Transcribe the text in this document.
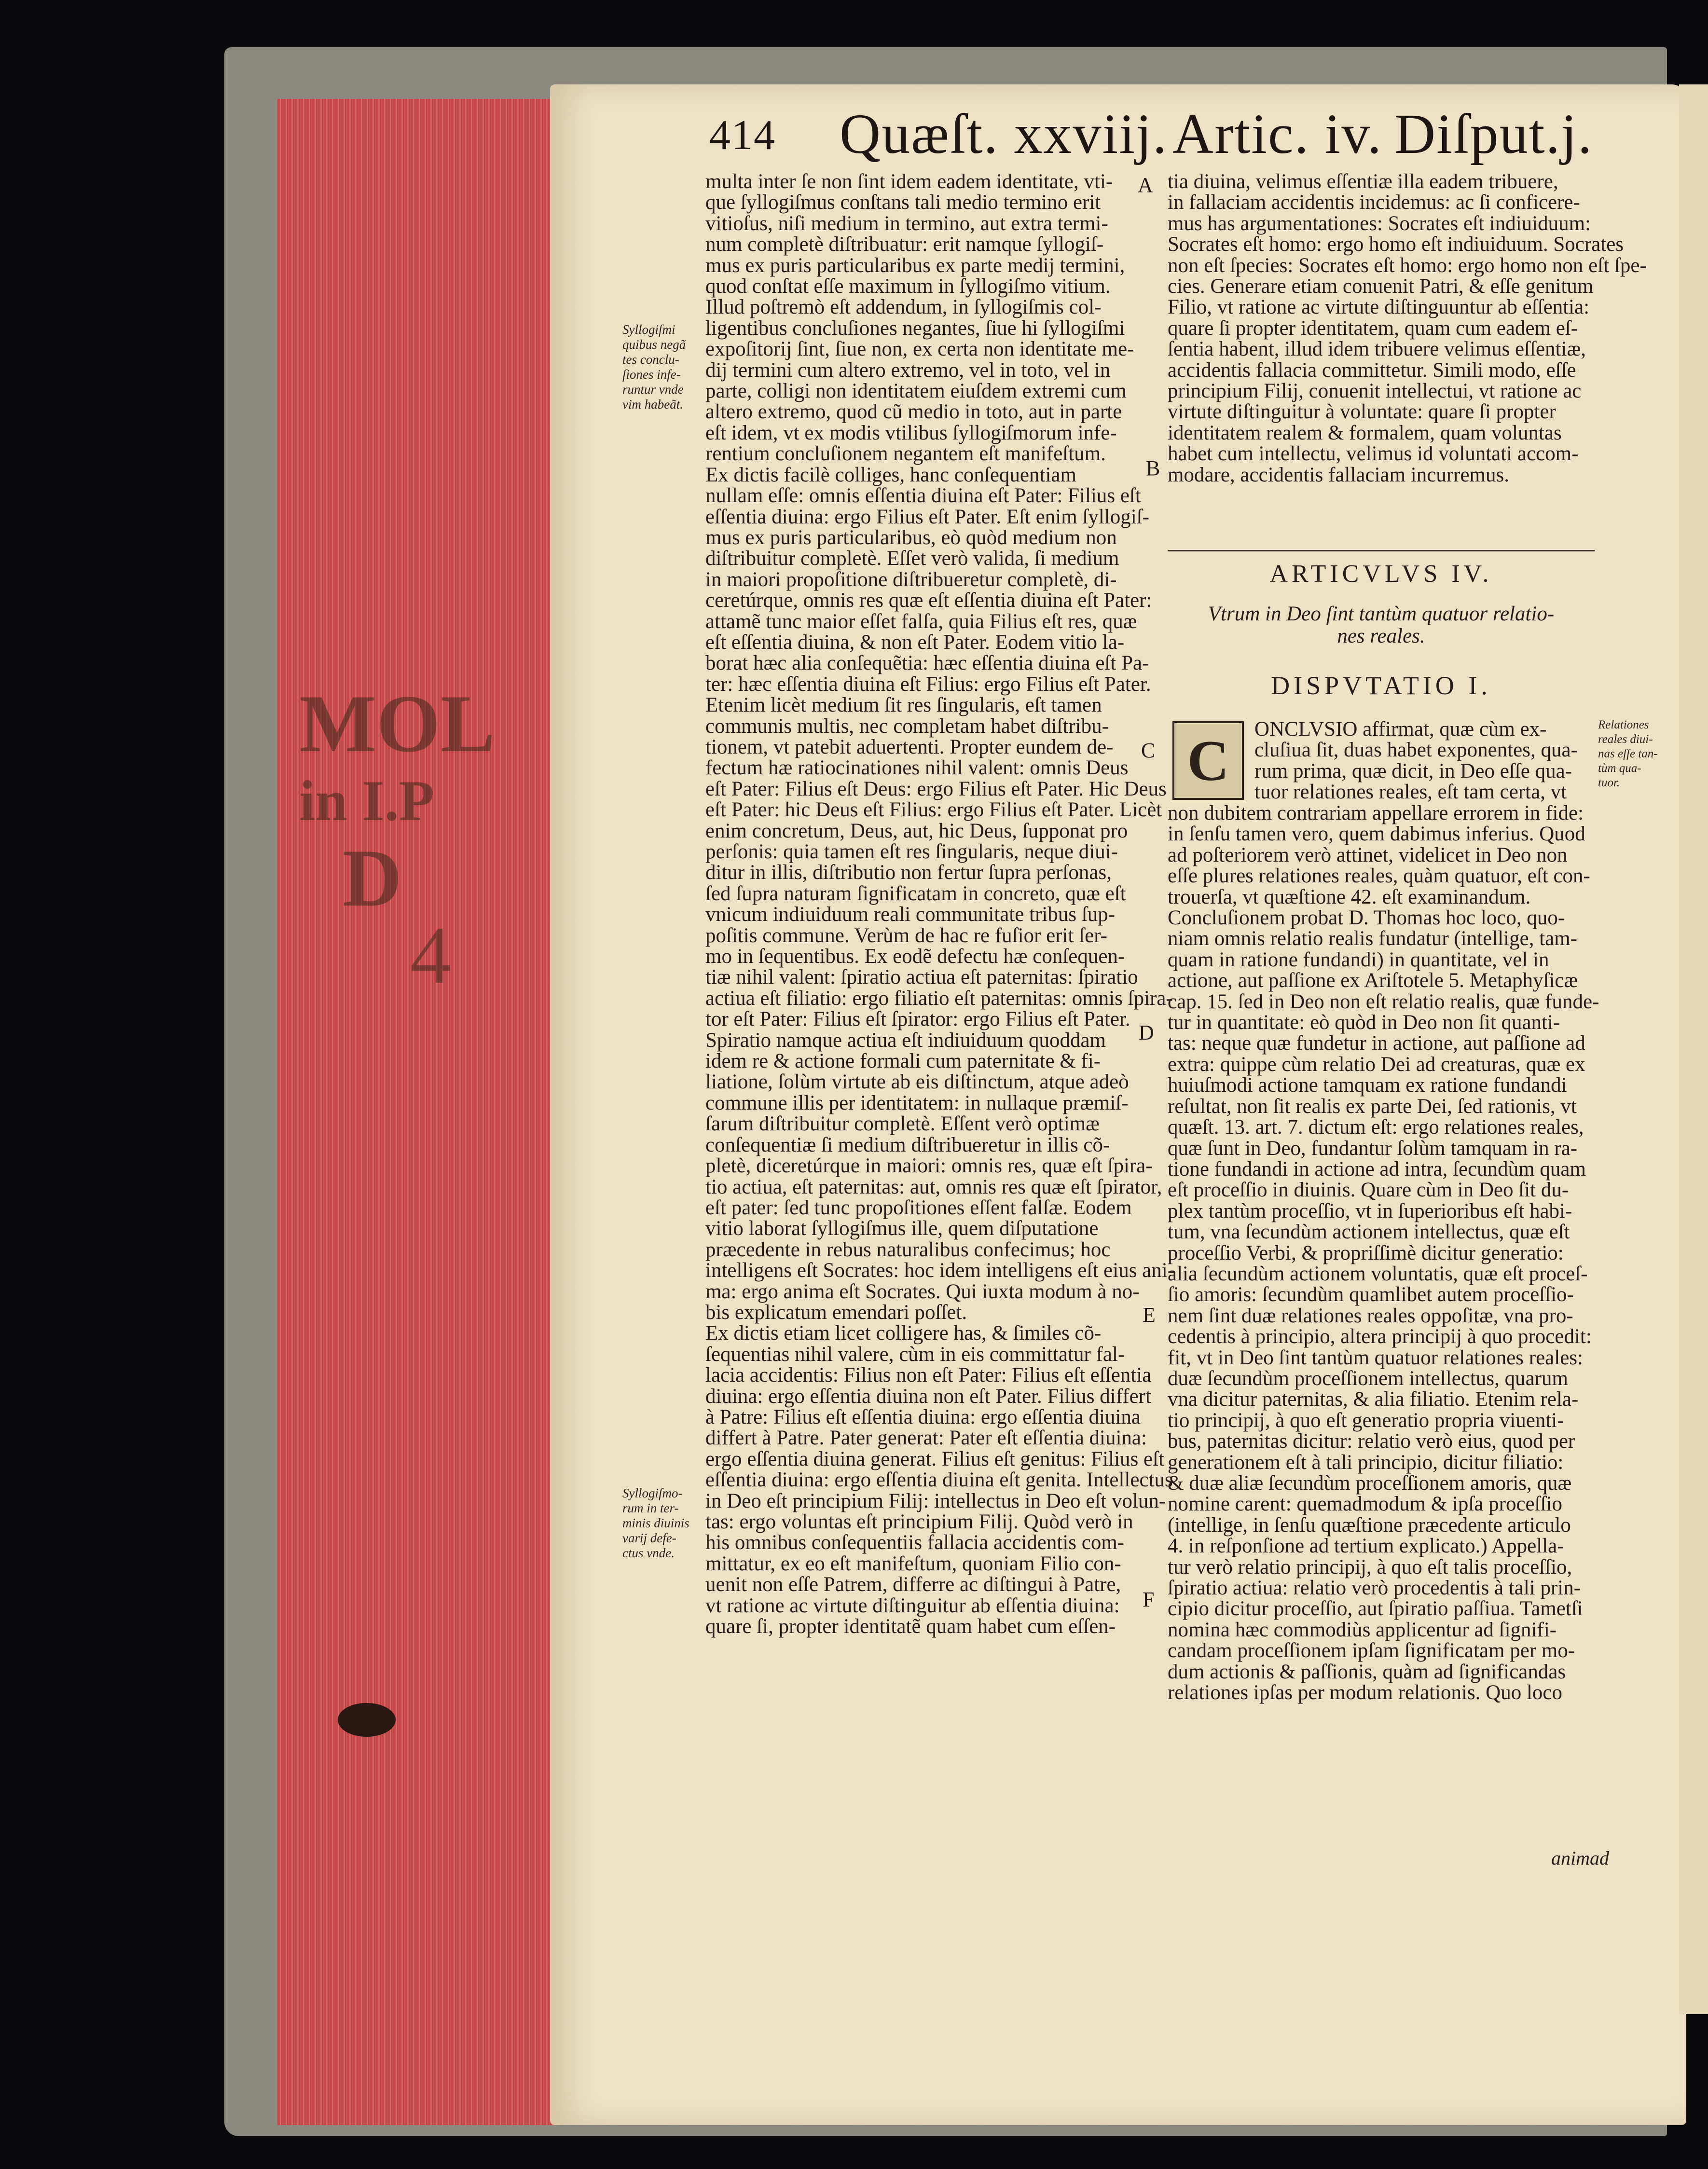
MOL
in I.P
D
4
414 Quæſt. xxviij. Artic. iv. Diſput.j.
Syllogiſmi
quibus negã
tes conclu-
ſiones infe-
runtur vnde
vim habeãt.
Syllogiſmo-
rum in ter-
minis diuinis
varij defe-
ctus vnde.
Relationes
reales diui-
nas eſſe tan-
tùm qua-
tuor.
A
B
C
D
E
F

multa inter ſe non ſint idem eadem identitate, vti-

que ſyllogiſmus conſtans tali medio termino erit

vitioſus, niſi medium in termino, aut extra termi-

num completè diſtribuatur: erit namque ſyllogiſ-

mus ex puris particularibus ex parte medij termini,

quod conſtat eſſe maximum in ſyllogiſmo vitium.

Illud poſtremò eſt addendum, in ſyllogiſmis col-

ligentibus concluſiones negantes, ſiue hi ſyllogiſmi

expoſitorij ſint, ſiue non, ex certa non identitate me-

dij termini cum altero extremo, vel in toto, vel in

parte, colligi non identitatem eiuſdem extremi cum

altero extremo, quod cũ medio in toto, aut in parte

eſt idem, vt ex modis vtilibus ſyllogiſmorum infe-

rentium concluſionem negantem eſt manifeſtum.

Ex dictis facilè colliges, hanc conſequentiam

nullam eſſe: omnis eſſentia diuina eſt Pater: Filius eſt

eſſentia diuina: ergo Filius eſt Pater. Eſt enim ſyllogiſ-

mus ex puris particularibus, eò quòd medium non

diſtribuitur completè. Eſſet verò valida, ſi medium

in maiori propoſitione diſtribueretur completè, di-

ceretúrque, omnis res quæ eſt eſſentia diuina eſt Pater:

attamẽ tunc maior eſſet falſa, quia Filius eſt res, quæ

eſt eſſentia diuina, & non eſt Pater. Eodem vitio la-

borat hæc alia conſequẽtia: hæc eſſentia diuina eſt Pa-

ter: hæc eſſentia diuina eſt Filius: ergo Filius eſt Pater.

Etenim licèt medium ſit res ſingularis, eſt tamen

communis multis, nec completam habet diſtribu-

tionem, vt patebit aduertenti. Propter eundem de-

fectum hæ ratiocinationes nihil valent: omnis Deus

eſt Pater: Filius eſt Deus: ergo Filius eſt Pater. Hic Deus

eſt Pater: hic Deus eſt Filius: ergo Filius eſt Pater. Licèt

enim concretum, Deus, aut, hic Deus, ſupponat pro

perſonis: quia tamen eſt res ſingularis, neque diui-

ditur in illis, diſtributio non fertur ſupra perſonas,

ſed ſupra naturam ſignificatam in concreto, quæ eſt

vnicum indiuiduum reali communitate tribus ſup-

poſitis commune. Verùm de hac re fuſior erit ſer-

mo in ſequentibus. Ex eodẽ defectu hæ conſequen-

tiæ nihil valent: ſpiratio actiua eſt paternitas: ſpiratio

actiua eſt filiatio: ergo filiatio eſt paternitas: omnis ſpira-

tor eſt Pater: Filius eſt ſpirator: ergo Filius eſt Pater.

Spiratio namque actiua eſt indiuiduum quoddam

idem re & actione formali cum paternitate & fi-

liatione, ſolùm virtute ab eis diſtinctum, atque adeò

commune illis per identitatem: in nullaque præmiſ-

ſarum diſtribuitur completè. Eſſent verò optimæ

conſequentiæ ſi medium diſtribueretur in illis cõ-

pletè, diceretúrque in maiori: omnis res, quæ eſt ſpira-

tio actiua, eſt paternitas: aut, omnis res quæ eſt ſpirator,

eſt pater: ſed tunc propoſitiones eſſent falſæ. Eodem

vitio laborat ſyllogiſmus ille, quem diſputatione

præcedente in rebus naturalibus confecimus; hoc

intelligens eſt Socrates: hoc idem intelligens eſt eius ani-

ma: ergo anima eſt Socrates. Qui iuxta modum à no-

bis explicatum emendari poſſet.

Ex dictis etiam licet colligere has, & ſimiles cõ-

ſequentias nihil valere, cùm in eis committatur fal-

lacia accidentis: Filius non eſt Pater: Filius eſt eſſentia

diuina: ergo eſſentia diuina non eſt Pater. Filius differt

à Patre: Filius eſt eſſentia diuina: ergo eſſentia diuina

differt à Patre. Pater generat: Pater eſt eſſentia diuina:

ergo eſſentia diuina generat. Filius eſt genitus: Filius eſt

eſſentia diuina: ergo eſſentia diuina eſt genita. Intellectus

in Deo eſt principium Filij: intellectus in Deo eſt volun-

tas: ergo voluntas eſt principium Filij. Quòd verò in

his omnibus conſequentiis fallacia accidentis com-

mittatur, ex eo eſt manifeſtum, quoniam Filio con-

uenit non eſſe Patrem, differre ac diſtingui à Patre,

vt ratione ac virtute diſtinguitur ab eſſentia diuina:

quare ſi, propter identitatẽ quam habet cum eſſen-

tia diuina, velimus eſſentiæ illa eadem tribuere,

in fallaciam accidentis incidemus: ac ſi conficere-

mus has argumentationes: Socrates eſt indiuiduum:

Socrates eſt homo: ergo homo eſt indiuiduum. Socrates

non eſt ſpecies: Socrates eſt homo: ergo homo non eſt ſpe-

cies. Generare etiam conuenit Patri, & eſſe genitum

Filio, vt ratione ac virtute diſtinguuntur ab eſſentia:

quare ſi propter identitatem, quam cum eadem eſ-

ſentia habent, illud idem tribuere velimus eſſentiæ,

accidentis fallacia committetur. Simili modo, eſſe

principium Filij, conuenit intellectui, vt ratione ac

virtute diſtinguitur à voluntate: quare ſi propter

identitatem realem & formalem, quam voluntas

habet cum intellectu, velimus id voluntati accom-

modare, accidentis fallaciam incurremus.

ARTICVLVS IV.
Vtrum in Deo ſint tantùm quatuor relatio-
nes reales.
DISPVTATIO I.
C	ONCLVSIO affirmat, quæ cùm ex-

cluſiua ſit, duas habet exponentes, qua-

rum prima, quæ dicit, in Deo eſſe qua-

tuor relationes reales, eſt tam certa, vt

non dubitem contrariam appellare errorem in fide:

in ſenſu tamen vero, quem dabimus inferius. Quod

ad poſteriorem verò attinet, videlicet in Deo non

eſſe plures relationes reales, quàm quatuor, eſt con-

trouerſa, vt quæſtione 42. eſt examinandum.

Concluſionem probat D. Thomas hoc loco, quo-

niam omnis relatio realis fundatur (intellige, tam-

quam in ratione fundandi) in quantitate, vel in

actione, aut paſſione ex Ariſtotele 5. Metaphyſicæ

cap. 15. ſed in Deo non eſt relatio realis, quæ funde-

tur in quantitate: eò quòd in Deo non ſit quanti-

tas: neque quæ fundetur in actione, aut paſſione ad

extra: quippe cùm relatio Dei ad creaturas, quæ ex

huiuſmodi actione tamquam ex ratione fundandi

reſultat, non ſit realis ex parte Dei, ſed rationis, vt

quæſt. 13. art. 7. dictum eſt: ergo relationes reales,

quæ ſunt in Deo, fundantur ſolùm tamquam in ra-

tione fundandi in actione ad intra, ſecundùm quam

eſt proceſſio in diuinis. Quare cùm in Deo ſit du-

plex tantùm proceſſio, vt in ſuperioribus eſt habi-

tum, vna ſecundùm actionem intellectus, quæ eſt

proceſſio Verbi, & propriſſimè dicitur generatio:

alia ſecundùm actionem voluntatis, quæ eſt proceſ-

ſio amoris: ſecundùm quamlibet autem proceſſio-

nem ſint duæ relationes reales oppoſitæ, vna pro-

cedentis à principio, altera principij à quo procedit:

fit, vt in Deo ſint tantùm quatuor relationes reales:

duæ ſecundùm proceſſionem intellectus, quarum

vna dicitur paternitas, & alia filiatio. Etenim rela-

tio principij, à quo eſt generatio propria viuenti-

bus, paternitas dicitur: relatio verò eius, quod per

generationem eſt à tali principio, dicitur filiatio:

& duæ aliæ ſecundùm proceſſionem amoris, quæ

nomine carent: quemadmodum & ipſa proceſſio

(intellige, in ſenſu quæſtione præcedente articulo

4. in reſponſione ad tertium explicato.) Appella-

tur verò relatio principij, à quo eſt talis proceſſio,

ſpiratio actiua: relatio verò procedentis à tali prin-

cipio dicitur proceſſio, aut ſpiratio paſſiua. Tametſi

nomina hæc commodiùs applicentur ad ſignifi-

candam proceſſionem ipſam ſignificatam per mo-

dum actionis & paſſionis, quàm ad ſignificandas

relationes ipſas per modum relationis. Quo loco

animad
